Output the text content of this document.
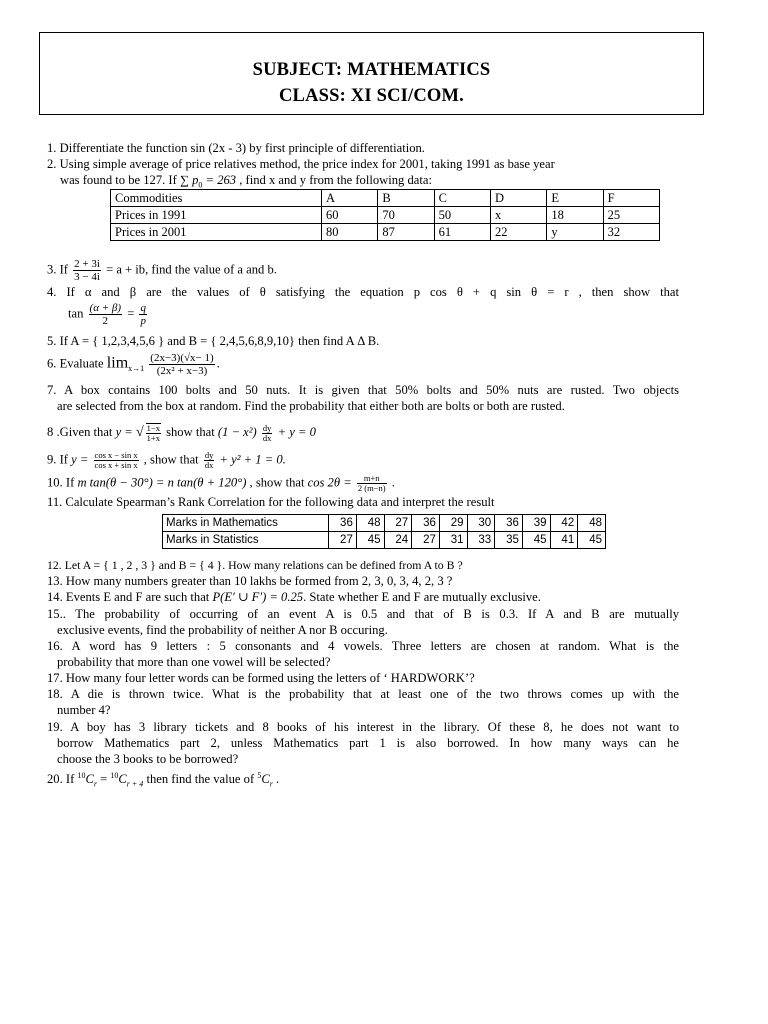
SUBJECT: MATHEMATICS
CLASS: XI SCI/COM.
1. Differentiate the function sin (2x - 3) by first principle of differentiation.
2. Using simple average of price relatives method, the price index for 2001, taking 1991 as base year
was found to be 127. If ∑ $p_0 = 263$ , find x and y from the following data:
Commodities	A	B	C	D	E	F
Prices in 1991	60	70	50	x	18	25
Prices in 2001	80	87	61	22	y	32
3. If $\frac{2 + 3i}{3 - 4i} = a$ + ib, find the value of a and b.
4. If α and β are the values of θ satisfying the equation p cos θ + q sin θ = r , then show that
$\tan \frac{(\alpha + \beta)}{2} = \frac{q}{p}$
5. If A = { 1,2,3,4,5,6 } and B = { 2,4,5,6,8,9,10} then find A Δ B.
6. Evaluate $\lim_{x\to 1} \frac{(2x-3)(√x- 1)}{\text{(2x² + x−3)}}$ .
7. A box contains 100 bolts and 50 nuts. It is given that 50% bolts and 50% nuts are rusted. Two objects
are selected from the box at random. Find the probability that either both are bolts or both are rusted.
8 .Given that y = √ $\frac{1-x}{1+x}$ show that $(1 - x^2) \frac{dy}{dx} + y = 0$
9. If $y = \frac{\text{cos x − sin x}}{\text{cos x + sin x}}$ , show that $\frac{dy}{dx} + y^2 + 1 = 0$.
10. If m tan(θ − 30°) = n tan(θ + 120°) , show that $\cos 2\theta = \frac{m+n}{2 (m-n)}$ .
11. Calculate Spearman’s Rank Correlation for the following data and interpret the result
Marks in Mathematics	36	48	27	36	29	30	36	39	42	48
Marks in Statistics	27	45	24	27	31	33	35	45	41	45
12. Let A = { 1 , 2 , 3 } and B = { 4 }. How many relations can be defined from A to B ?
13. How many numbers greater than 10 lakhs be formed from 2, 3, 0, 3, 4, 2, 3 ?
14. Events E and F are such that P(E′ ∪ F′) = 0.25. State whether E and F are mutually exclusive.
15.. The probability of occurring of an event A is 0.5 and that of B is 0.3. If A and B are mutually
exclusive events, find the probability of neither A nor B occuring.
16. A word has 9 letters : 5 consonants and 4 vowels. Three letters are chosen at random. What is the
probability that more than one vowel will be selected?
17. How many four letter words can be formed using the letters of ‘ HARDWORK’?
18. A die is thrown twice. What is the probability that at least one of the two throws comes up with the
number 4?
19. A boy has 3 library tickets and 8 books of his interest in the library. Of these 8, he does not want to
borrow Mathematics part 2, unless Mathematics part 1 is also borrowed. In how many ways can he
choose the 3 books to be borrowed?
20. If $^{10}C_r = ^{10}C_{r + 4}$ then find the value of $^5C_r$ .
